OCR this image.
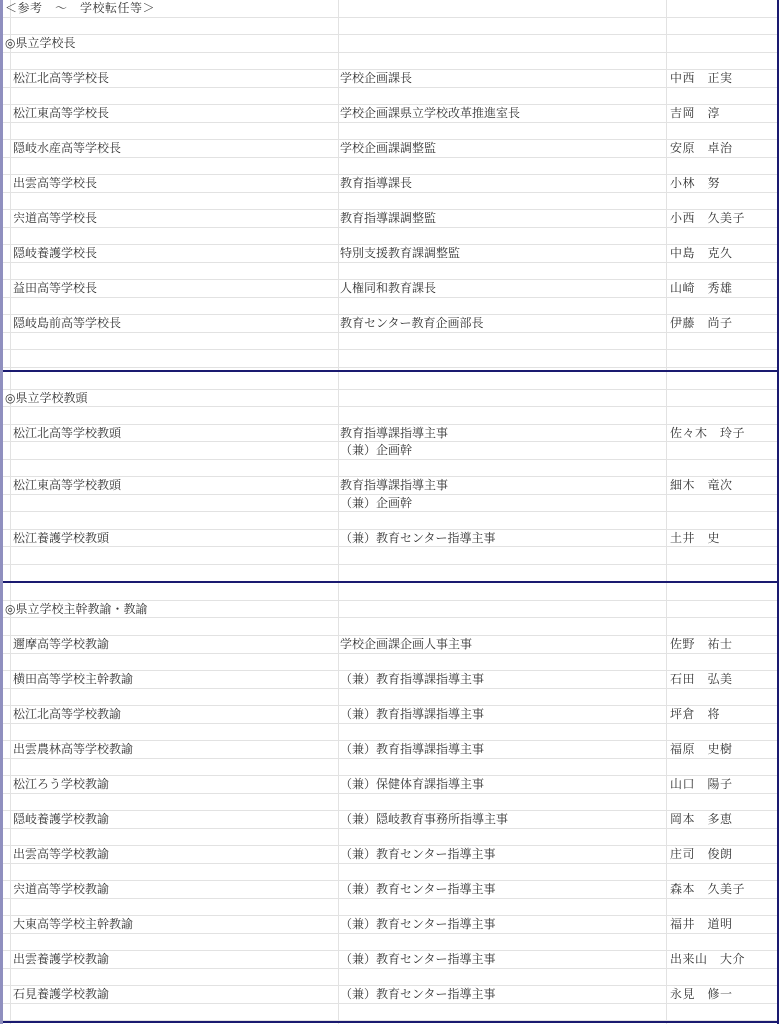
＜参考　～　学校転任等＞
◎県立学校長
松江北高等学校長	学校企画課長	中西　正実
松江東高等学校長	学校企画課県立学校改革推進室長	吉岡　淳
隠岐水産高等学校長	学校企画課調整監	安原　卓治
出雲高等学校長	教育指導課長	小林　努
宍道高等学校長	教育指導課調整監	小西　久美子
隠岐養護学校長	特別支援教育課調整監	中島　克久
益田高等学校長	人権同和教育課長	山崎　秀雄
隠岐島前高等学校長	教育センター教育企画部長	伊藤　尚子
◎県立学校教頭
松江北高等学校教頭	教育指導課指導主事	佐々木　玲子
（兼）企画幹
松江東高等学校教頭	教育指導課指導主事	細木　竜次
（兼）企画幹
松江養護学校教頭	（兼）教育センター指導主事	土井　史
◎県立学校主幹教諭・教諭
邇摩高等学校教諭	学校企画課企画人事主事	佐野　祐士
横田高等学校主幹教諭	（兼）教育指導課指導主事	石田　弘美
松江北高等学校教諭	（兼）教育指導課指導主事	坪倉　将
出雲農林高等学校教諭	（兼）教育指導課指導主事	福原　史樹
松江ろう学校教諭	（兼）保健体育課指導主事	山口　陽子
隠岐養護学校教諭	（兼）隠岐教育事務所指導主事	岡本　多恵
出雲高等学校教諭	（兼）教育センター指導主事	庄司　俊朗
宍道高等学校教諭	（兼）教育センター指導主事	森本　久美子
大東高等学校主幹教諭	（兼）教育センター指導主事	福井　道明
出雲養護学校教諭	（兼）教育センター指導主事	出来山　大介
石見養護学校教諭	（兼）教育センター指導主事	永見　修一
